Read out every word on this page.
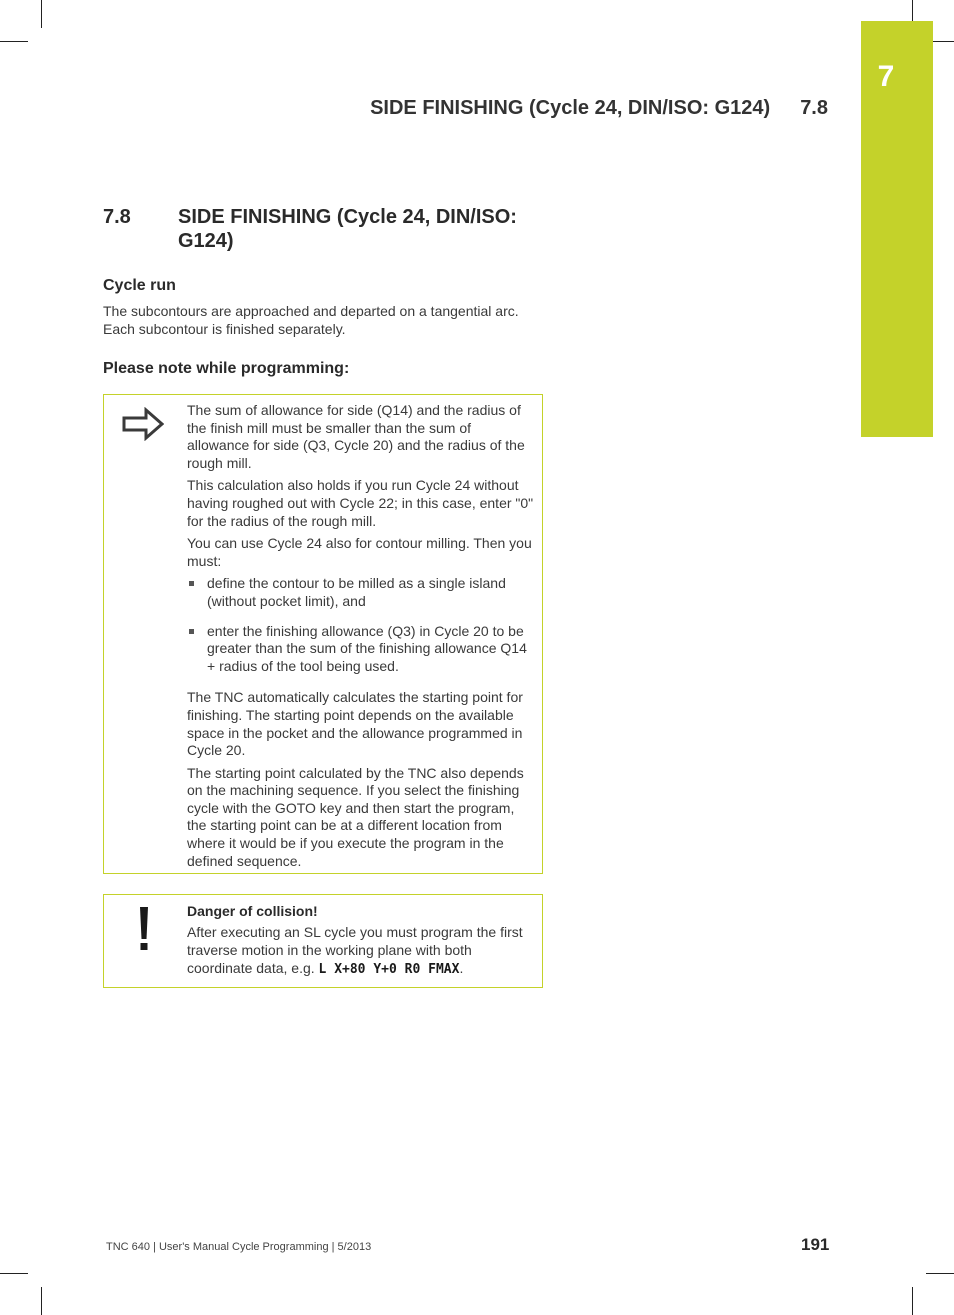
7
SIDE FINISHING (Cycle 24, DIN/ISO: G124) 7.8
7.8 SIDE FINISHING (Cycle 24, DIN/ISO: G124)
Cycle run
The subcontours are approached and departed on a tangential arc. Each subcontour is finished separately.
Please note while programming:

The sum of allowance for side (Q14) and the radius of the finish mill must be smaller than the sum of allowance for side (Q3, Cycle 20) and the radius of the rough mill.

This calculation also holds if you run Cycle 24 without having roughed out with Cycle 22; in this case, enter "0" for the radius of the rough mill.

You can use Cycle 24 also for contour milling. Then you must:

define the contour to be milled as a single island (without pocket limit), and
enter the finishing allowance (Q3) in Cycle 20 to be greater than the sum of the finishing allowance Q14 + radius of the tool being used.

The TNC automatically calculates the starting point for finishing. The starting point depends on the available space in the pocket and the allowance programmed in Cycle 20.

The starting point calculated by the TNC also depends on the machining sequence. If you select the finishing cycle with the GOTO key and then start the program, the starting point can be at a different location from where it would be if you execute the program in the defined sequence.

Danger of collision!
After executing an SL cycle you must program the first traverse motion in the working plane with both coordinate data, e.g. L X+80 Y+0 R0 FMAX.
TNC 640 | User's Manual Cycle Programming | 5/2013	191
